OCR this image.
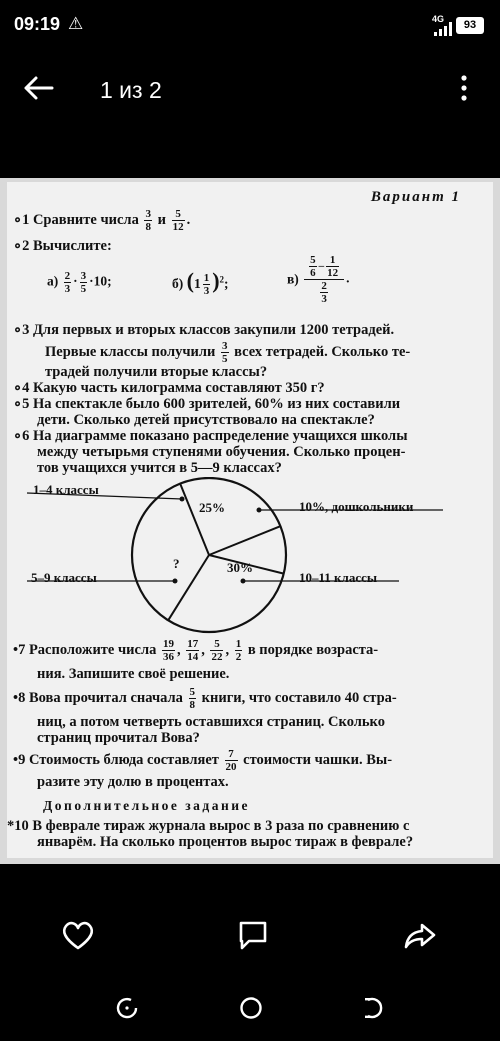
09:19 ⚠	4G	93
1 из 2
Вариант 1
∘1 Сравните числа $\frac{3}{8}$ и $\frac{5}{12}$ .
∘2 Вычислите:
$а) \frac{2}{3} \cdot \frac{3}{5} \cdot 10$;	б) $(1 \frac{1}{3} )^2$;	$в) \frac{\frac{5}{6} - \frac{1}{12}}{\frac{2}{3}}$ .
∘3 Для первых и вторых классов закупили 1200 тетрадей.
Первые классы получили $\frac{3}{5}$ всех тетрадей. Сколько те-
традей получили вторые классы?
∘4 Какую часть килограмма составляют 350 г?
∘5 На спектакле было 600 зрителей, 60% из них составили
дети. Сколько детей присутствовало на спектакле?
∘6 На диаграмме показано распределение учащихся школы
между четырьмя ступенями обучения. Сколько процен-
тов учащихся учится в 5—9 классах?
1–4 классы
10%, дошкольники
10–11 классы
5–9 классы
25%
30%
?
•7 Расположите числа $\frac{19}{36}$ , $\frac{17}{14}$ , $\frac{5}{22}$ , $\frac{1}{2}$ в порядке возраста-
ния. Запишите своё решение.
•8 Вова прочитал сначала $\frac{5}{8}$ книги, что составило 40 стра-
ниц, а потом четверть оставшихся страниц. Сколько
страниц прочитал Вова?
•9 Стоимость блюда составляет $\frac{7}{20}$ стоимости чашки. Вы-
разите эту долю в процентах.
Дополнительное задание
*10 В феврале тираж журнала вырос в 3 раза по сравнению с
январём. На сколько процентов вырос тираж в феврале?
